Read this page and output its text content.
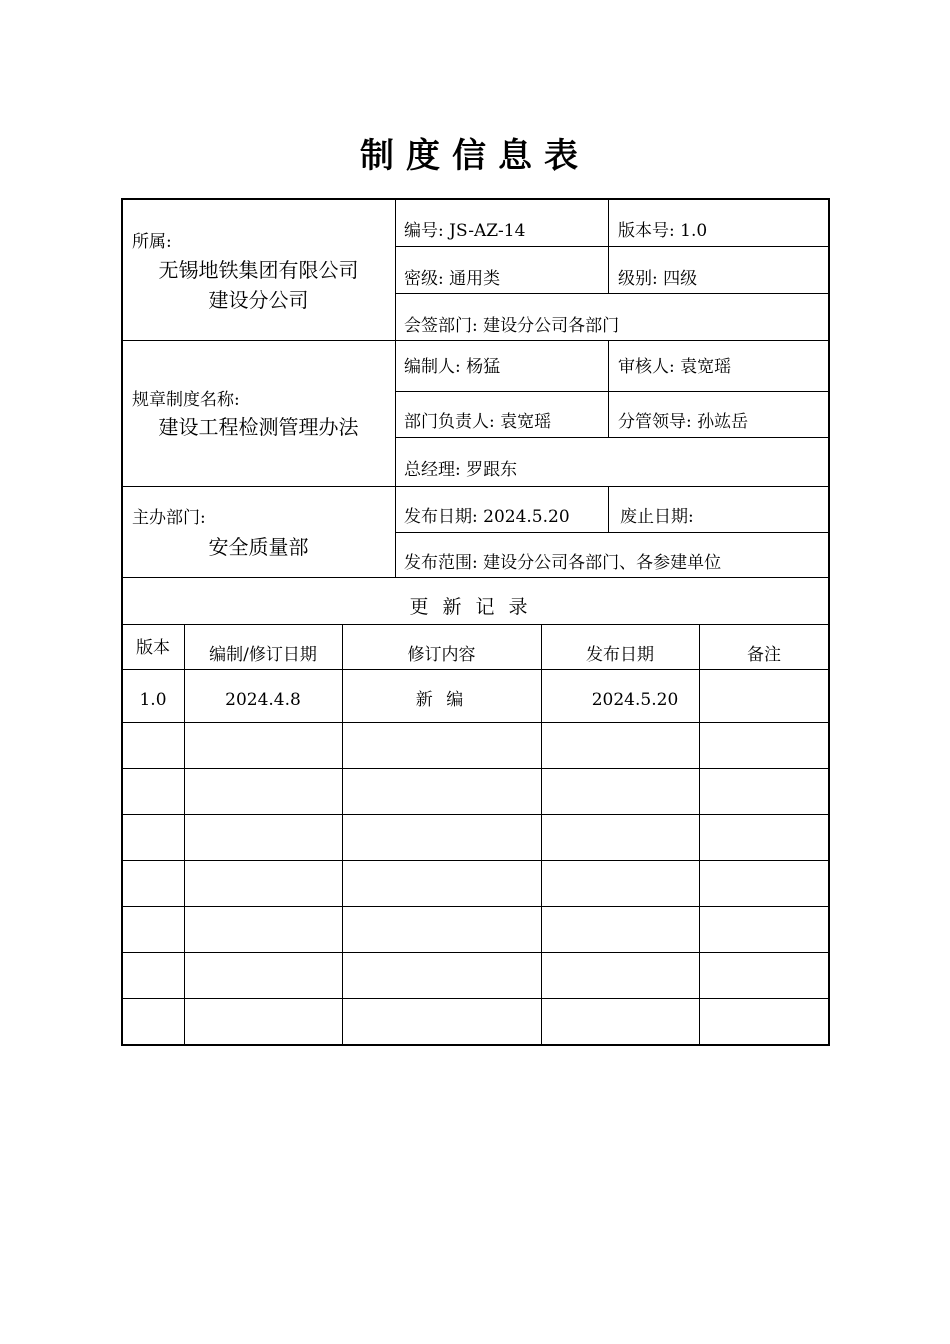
制度信息表
所属:
无锡地铁集团有限公司
建设分公司
编号: JS-AZ-14	版本号: 1.0
密级: 通用类	级别: 四级
会签部门: 建设分公司各部门
规章制度名称:
建设工程检测管理办法
编制人: 杨猛	审核人: 袁宽瑶
部门负责人: 袁宽瑶	分管领导: 孙竑岳
总经理: 罗跟东
主办部门:
安全质量部
发布日期: 2024.5.20	废止日期:
发布范围: 建设分公司各部门、各参建单位
更新记录
版本	编制/修订日期	修订内容	发布日期	备注
1.0	2024.4.8	新 编	2024.5.20
